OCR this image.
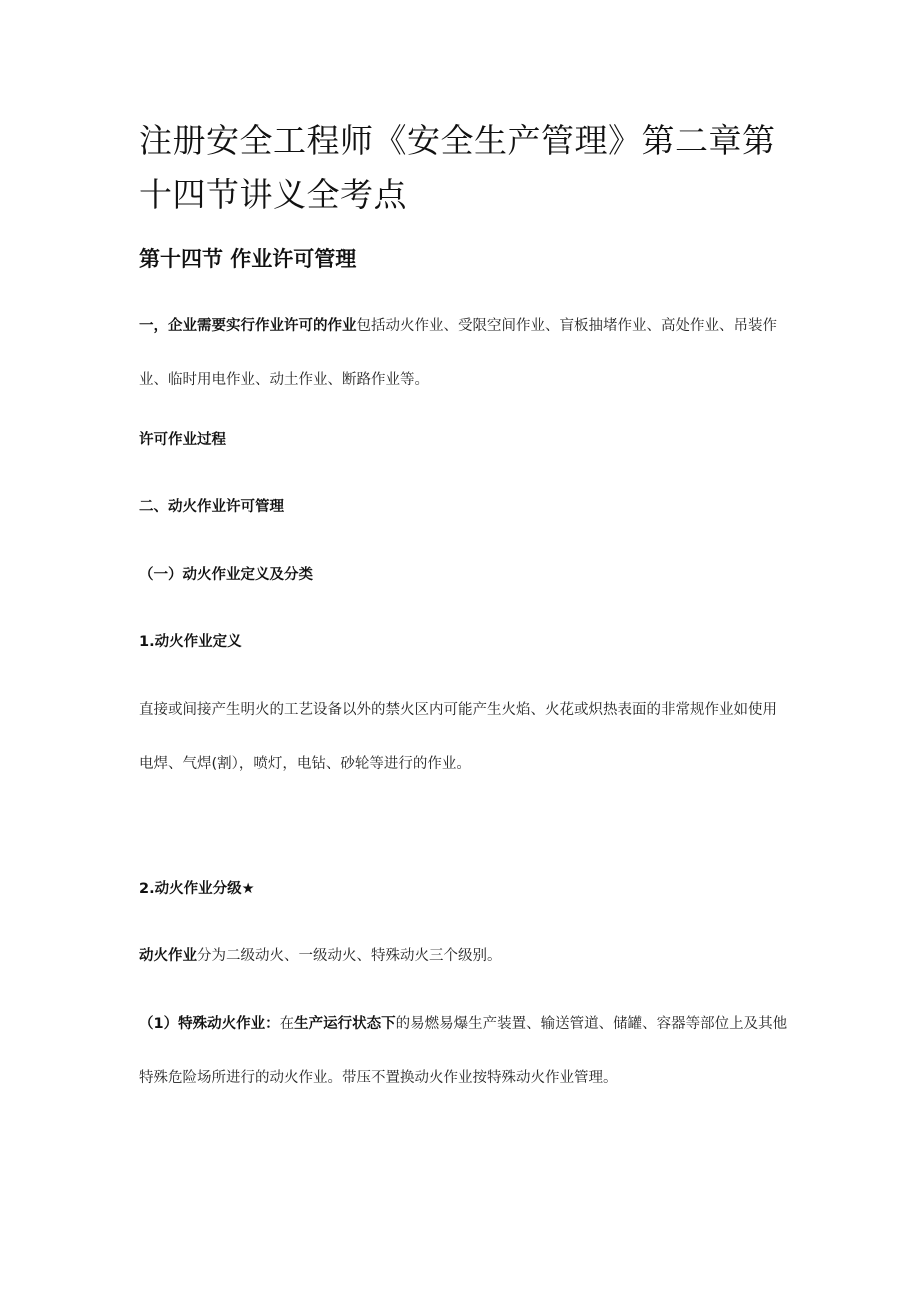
注册安全工程师《安全生产管理》第二章第十四节讲义全考点
第十四节 作业许可管理

一，企业需要实行作业许可的作业包括动火作业、受限空间作业、盲板抽堵作业、高处作业、吊装作业、临时用电作业、动土作业、断路作业等。

许可作业过程
二、动火作业许可管理
（一）动火作业定义及分类
1.动火作业定义

直接或间接产生明火的工艺设备以外的禁火区内可能产生火焰、火花或炽热表面的非常规作业如使用电焊、气焊(割），喷灯，电钻、砂轮等进行的作业。

2.动火作业分级★

动火作业分为二级动火、一级动火、特殊动火三个级别。

（1）特殊动火作业：在生产运行状态下的易燃易爆生产装置、输送管道、储罐、容器等部位上及其他特殊危险场所进行的动火作业。带压不置换动火作业按特殊动火作业管理。
